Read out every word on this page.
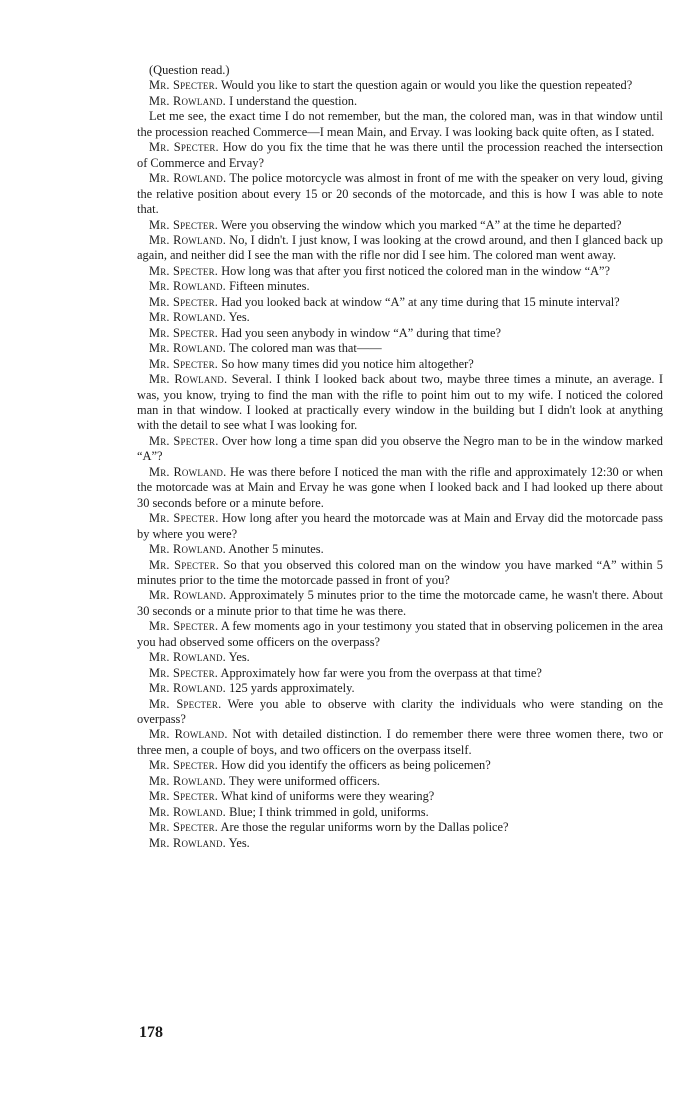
(Question read.)

Mr. Specter. Would you like to start the question again or would you like the question repeated?

Mr. Rowland. I understand the question.

Let me see, the exact time I do not remember, but the man, the colored man, was in that window until the procession reached Commerce—I mean Main, and Ervay. I was looking back quite often, as I stated.

Mr. Specter. How do you fix the time that he was there until the procession reached the intersection of Commerce and Ervay?

Mr. Rowland. The police motorcycle was almost in front of me with the speaker on very loud, giving the relative position about every 15 or 20 seconds of the motorcade, and this is how I was able to note that.

Mr. Specter. Were you observing the window which you marked “A” at the time he departed?

Mr. Rowland. No, I didn't. I just know, I was looking at the crowd around, and then I glanced back up again, and neither did I see the man with the rifle nor did I see him. The colored man went away.

Mr. Specter. How long was that after you first noticed the colored man in the window “A”?

Mr. Rowland. Fifteen minutes.

Mr. Specter. Had you looked back at window “A” at any time during that 15 minute interval?

Mr. Rowland. Yes.

Mr. Specter. Had you seen anybody in window “A” during that time?

Mr. Rowland. The colored man was that——

Mr. Specter. So how many times did you notice him altogether?

Mr. Rowland. Several. I think I looked back about two, maybe three times a minute, an average. I was, you know, trying to find the man with the rifle to point him out to my wife. I noticed the colored man in that window. I looked at practically every window in the building but I didn't look at anything with the detail to see what I was looking for.

Mr. Specter. Over how long a time span did you observe the Negro man to be in the window marked “A”?

Mr. Rowland. He was there before I noticed the man with the rifle and approximately 12:30 or when the motorcade was at Main and Ervay he was gone when I looked back and I had looked up there about 30 seconds before or a minute before.

Mr. Specter. How long after you heard the motorcade was at Main and Ervay did the motorcade pass by where you were?

Mr. Rowland. Another 5 minutes.

Mr. Specter. So that you observed this colored man on the window you have marked “A” within 5 minutes prior to the time the motorcade passed in front of you?

Mr. Rowland. Approximately 5 minutes prior to the time the motorcade came, he wasn't there. About 30 seconds or a minute prior to that time he was there.

Mr. Specter. A few moments ago in your testimony you stated that in observing policemen in the area you had observed some officers on the overpass?

Mr. Rowland. Yes.

Mr. Specter. Approximately how far were you from the overpass at that time?

Mr. Rowland. 125 yards approximately.

Mr. Specter. Were you able to observe with clarity the individuals who were standing on the overpass?

Mr. Rowland. Not with detailed distinction. I do remember there were three women there, two or three men, a couple of boys, and two officers on the overpass itself.

Mr. Specter. How did you identify the officers as being policemen?

Mr. Rowland. They were uniformed officers.

Mr. Specter. What kind of uniforms were they wearing?

Mr. Rowland. Blue; I think trimmed in gold, uniforms.

Mr. Specter. Are those the regular uniforms worn by the Dallas police?

Mr. Rowland. Yes.

178
